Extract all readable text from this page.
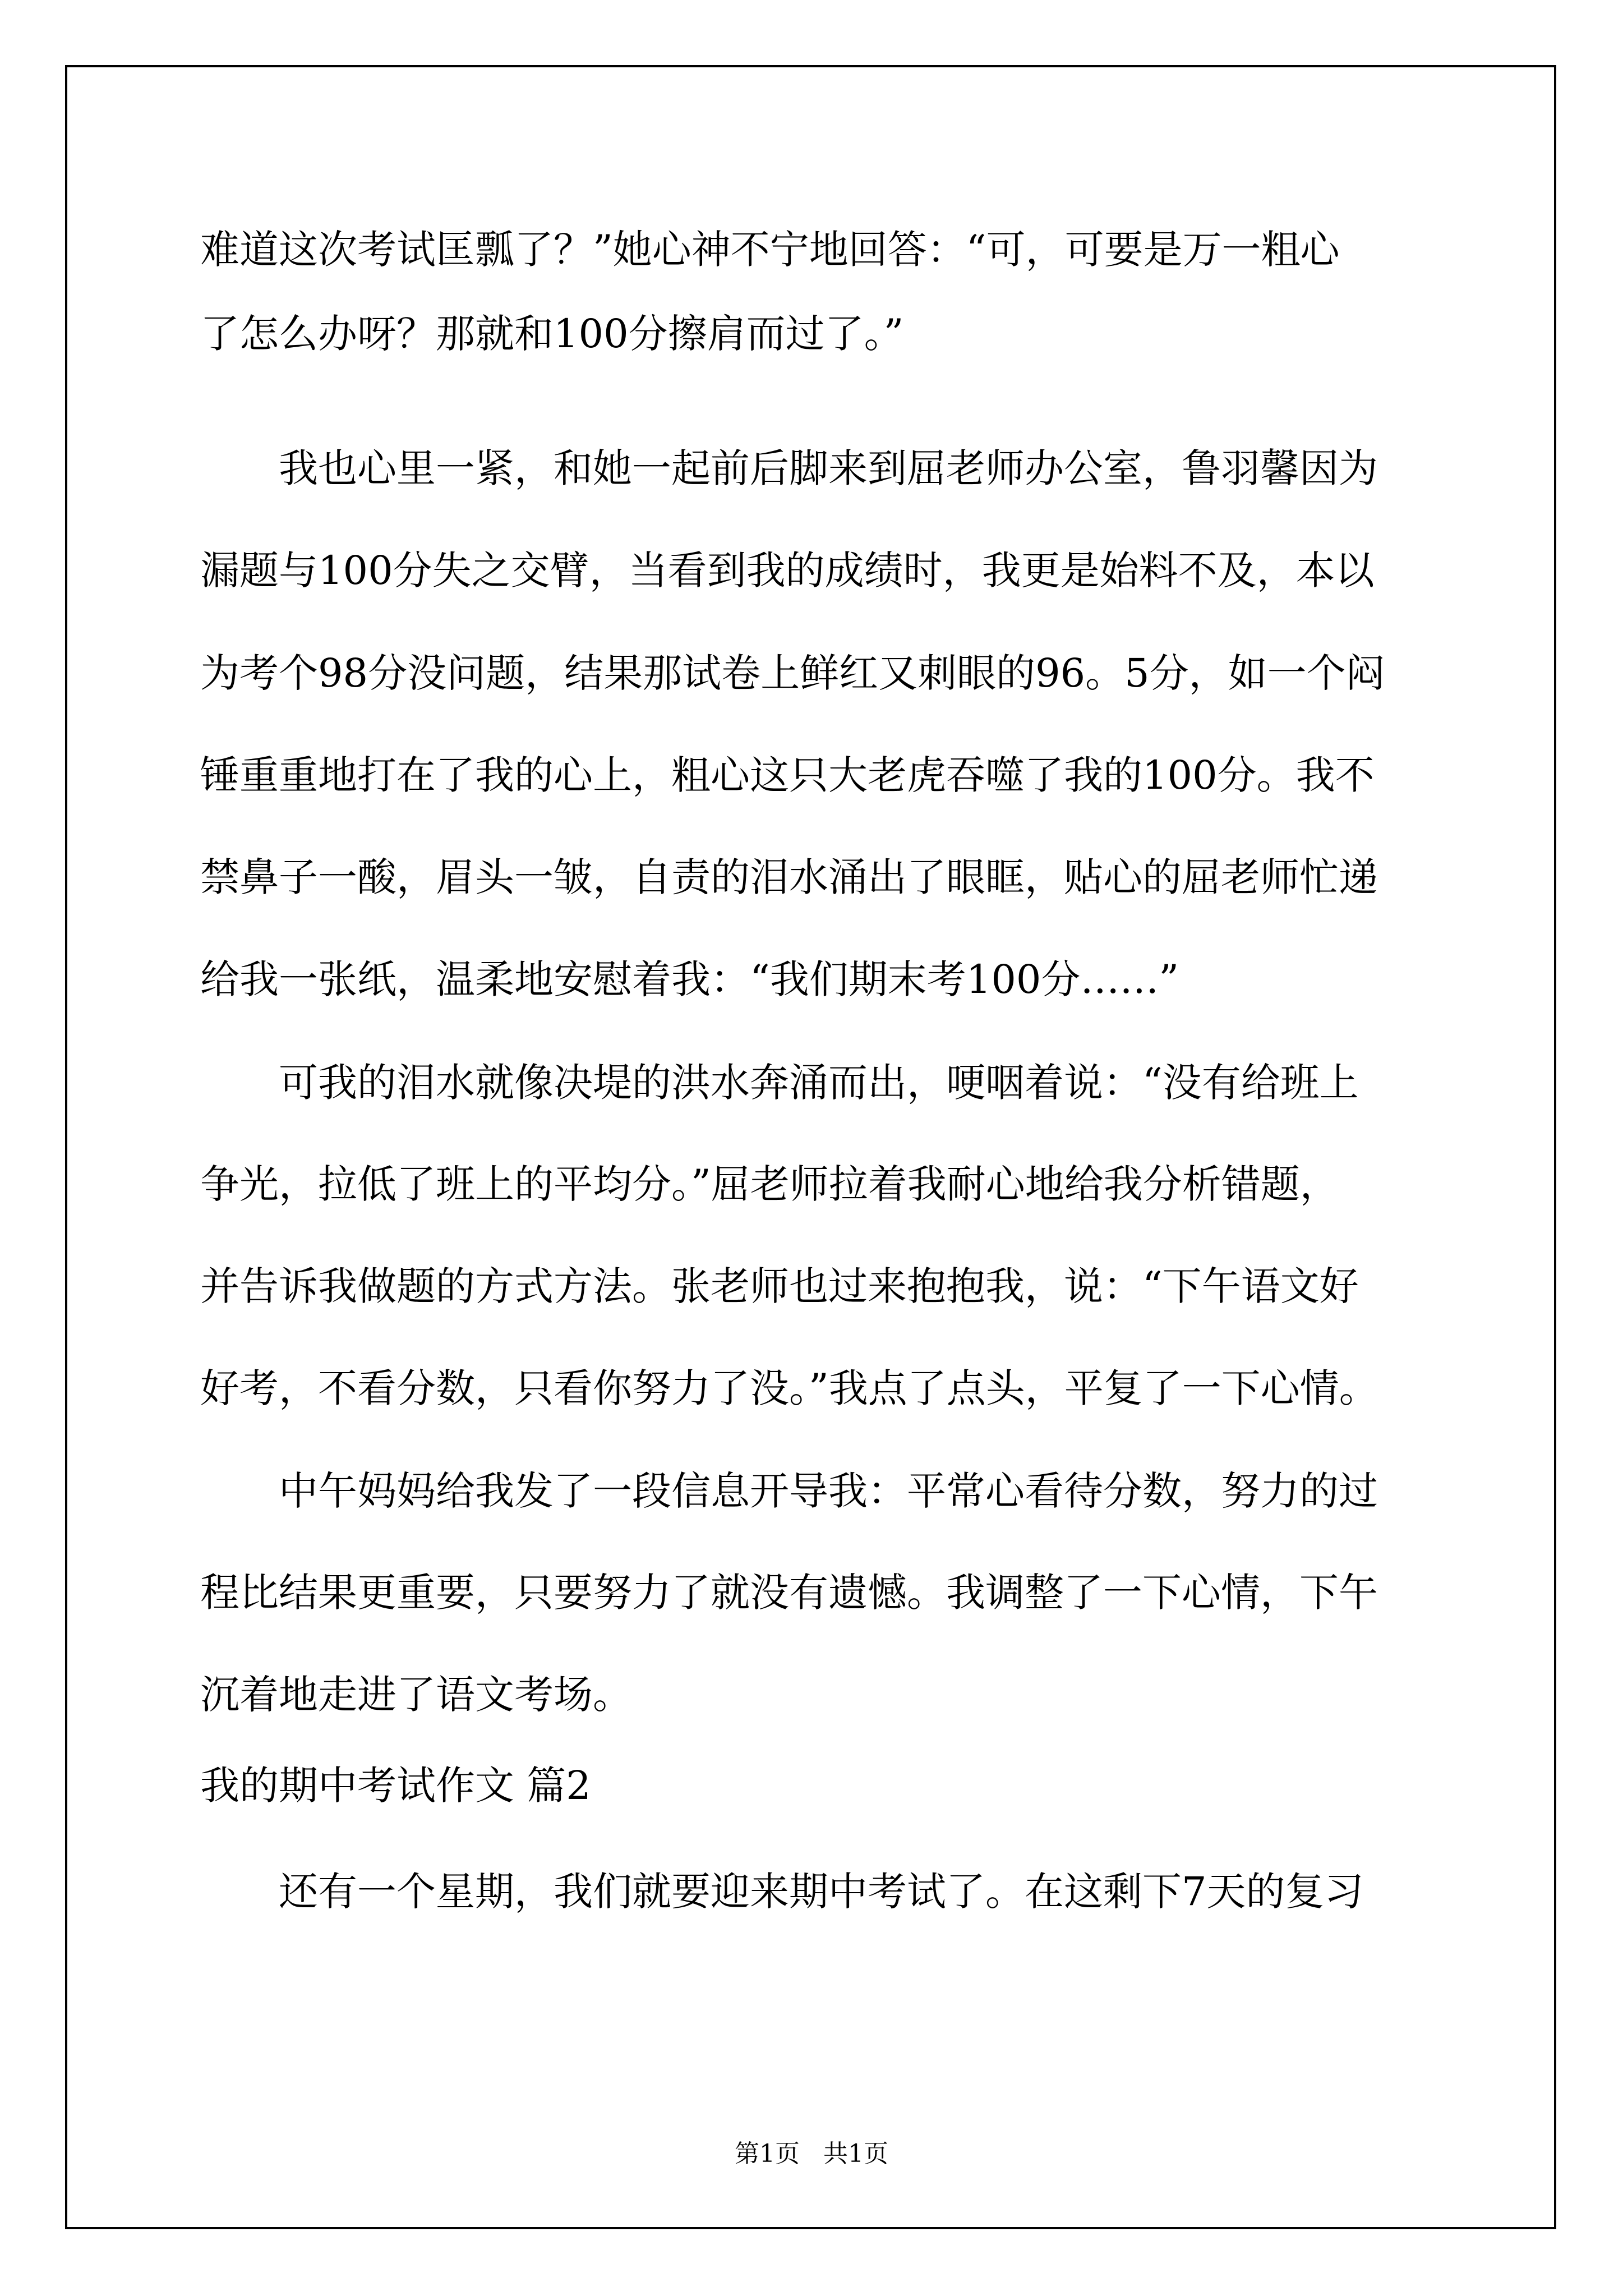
难道这次考试匡瓢了？”她心神不宁地回答：“可，可要是万一粗心
了怎么办呀？那就和100分擦肩而过了。”
我也心里一紧，和她一起前后脚来到屈老师办公室，鲁羽馨因为
漏题与100分失之交臂，当看到我的成绩时，我更是始料不及，本以
为考个98分没问题，结果那试卷上鲜红又刺眼的96。5分，如一个闷
锤重重地打在了我的心上，粗心这只大老虎吞噬了我的100分。我不
禁鼻子一酸，眉头一皱，自责的泪水涌出了眼眶，贴心的屈老师忙递
给我一张纸，温柔地安慰着我：“我们期末考100分……”
可我的泪水就像决堤的洪水奔涌而出，哽咽着说：“没有给班上
争光，拉低了班上的平均分。”屈老师拉着我耐心地给我分析错题，
并告诉我做题的方式方法。张老师也过来抱抱我，说：“下午语文好
好考，不看分数，只看你努力了没。”我点了点头，平复了一下心情。
中午妈妈给我发了一段信息开导我：平常心看待分数，努力的过
程比结果更重要，只要努力了就没有遗憾。我调整了一下心情，下午
沉着地走进了语文考场。
我的期中考试作文 篇2
还有一个星期，我们就要迎来期中考试了。在这剩下7天的复习
第1页   共1页
